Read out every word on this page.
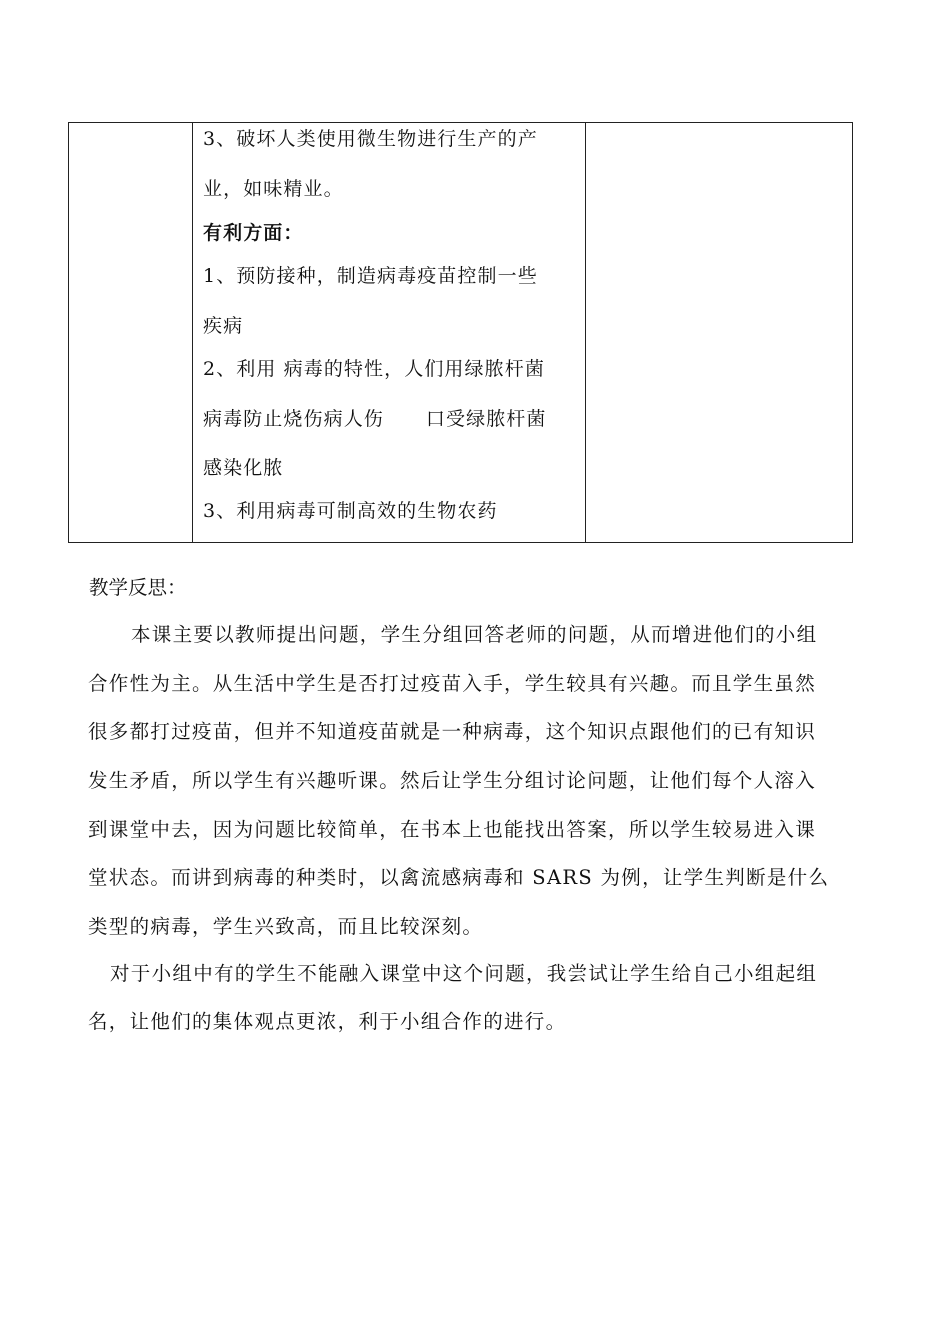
3、破坏人类使用微生物进行生产的产
业，如味精业。
有利方面：
1、预防接种，制造病毒疫苗控制一些
疾病
2、利用 病毒的特性，人们用绿脓杆菌
病毒防止烧伤病人伤 口受绿脓杆菌
感染化脓
3、利用病毒可制高效的生物农药
教学反思：
本课主要以教师提出问题，学生分组回答老师的问题，从而增进他们的小组
合作性为主。从生活中学生是否打过疫苗入手，学生较具有兴趣。而且学生虽然
很多都打过疫苗，但并不知道疫苗就是一种病毒，这个知识点跟他们的已有知识
发生矛盾，所以学生有兴趣听课。然后让学生分组讨论问题，让他们每个人溶入
到课堂中去，因为问题比较简单，在书本上也能找出答案，所以学生较易进入课
堂状态。而讲到病毒的种类时，以禽流感病毒和 SARS 为例，让学生判断是什么
类型的病毒，学生兴致高，而且比较深刻。
对于小组中有的学生不能融入课堂中这个问题，我尝试让学生给自己小组起组
名，让他们的集体观点更浓，利于小组合作的进行。
